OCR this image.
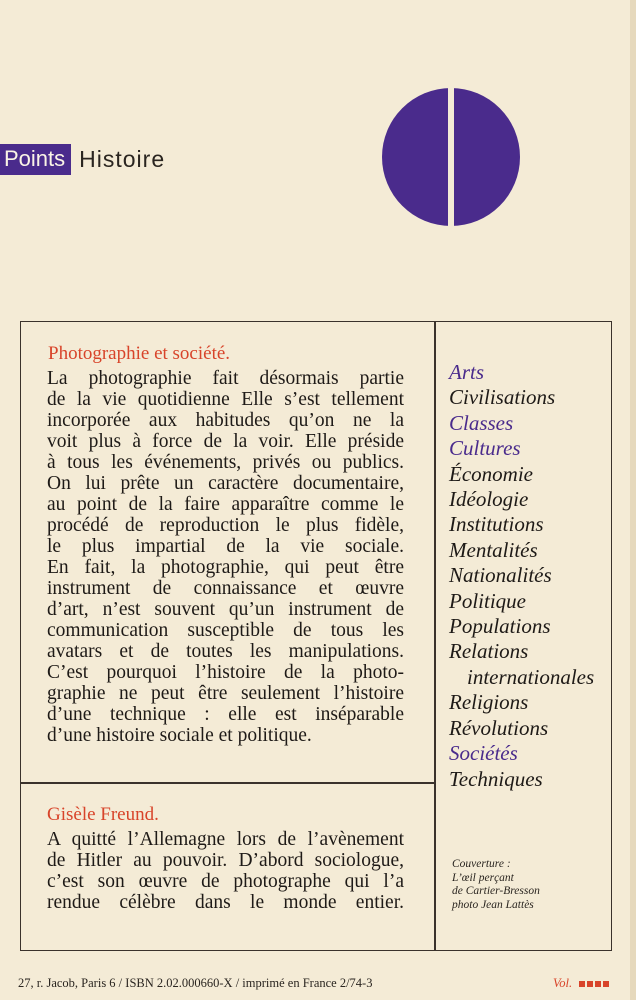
Points Histoire
Photographie et société.
La photographie fait désormais partie
de la vie quotidienne Elle s’est tellement
incorporée aux habitudes qu’on ne la
voit plus à force de la voir. Elle préside
à tous les événements, privés ou publics.
On lui prête un caractère documentaire,
au point de la faire apparaître comme le
procédé de reproduction le plus fidèle,
le plus impartial de la vie sociale.
En fait, la photographie, qui peut être
instrument de connaissance et œuvre
d’art, n’est souvent qu’un instrument de
communication susceptible de tous les
avatars et de toutes les manipulations.
C’est pourquoi l’histoire de la photo-
graphie ne peut être seulement l’histoire
d’une technique : elle est inséparable
d’une histoire sociale et politique.
Gisèle Freund.
A quitté l’Allemagne lors de l’avènement
de Hitler au pouvoir. D’abord sociologue,
c’est son œuvre de photographe qui l’a
rendue célèbre dans le monde entier.
Arts
Civilisations
Classes
Cultures
Économie
Idéologie
Institutions
Mentalités
Nationalités
Politique
Populations
Relations
internationales
Religions
Révolutions
Sociétés
Techniques
Couverture :
L’œil perçant
de Cartier-Bresson
photo Jean Lattès
27, r. Jacob, Paris 6 / ISBN 2.02.000660-X / imprimé en France 2/74-3	Vol.
